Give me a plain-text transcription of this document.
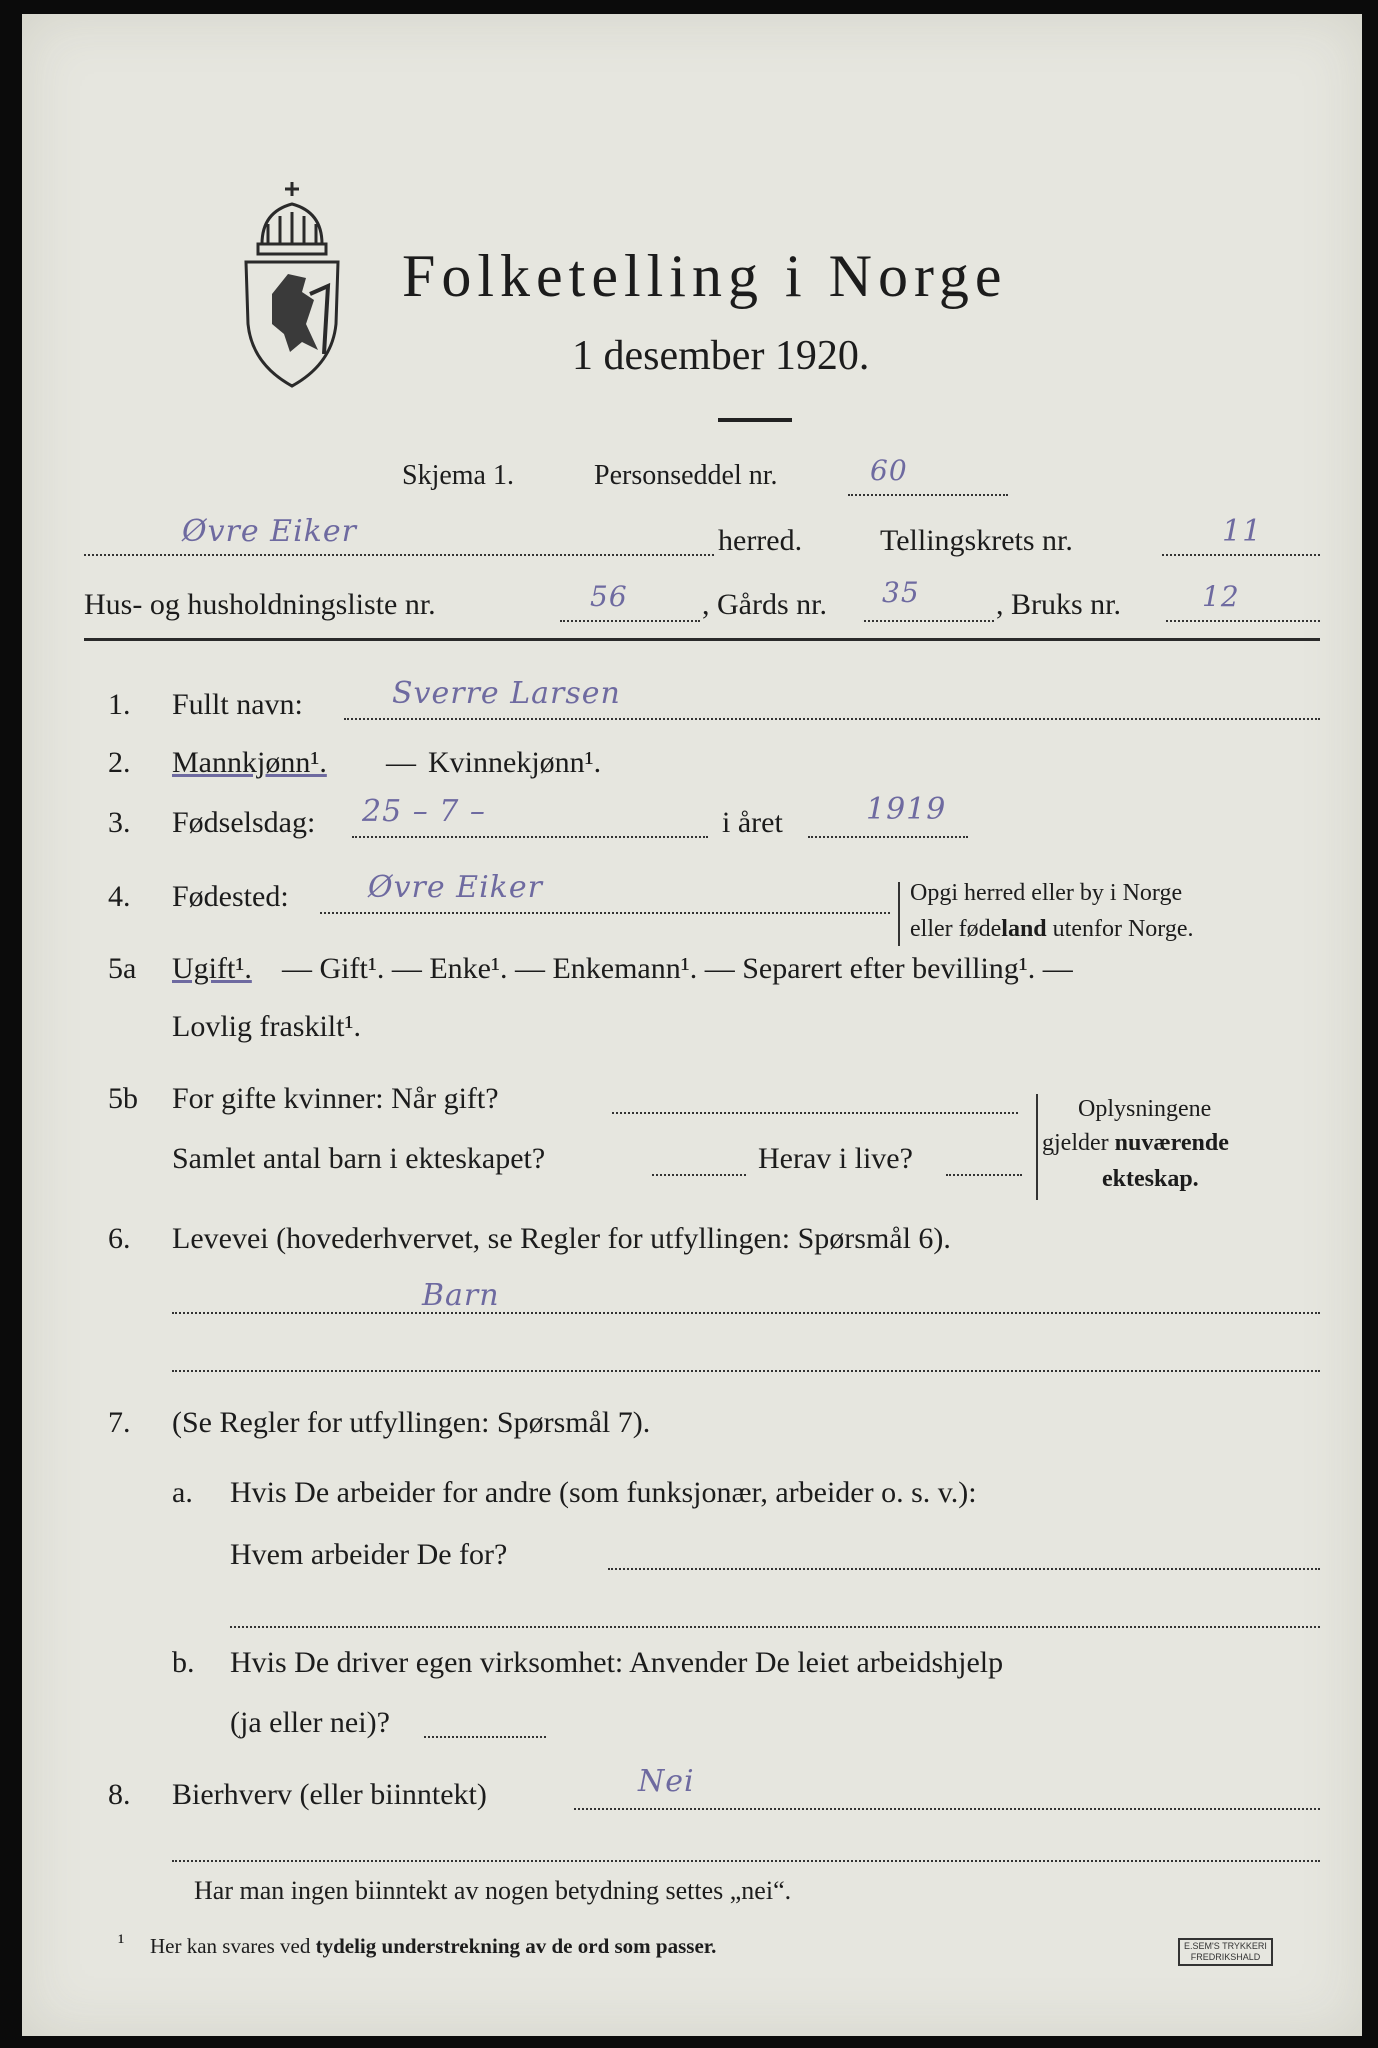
Folketelling i Norge
1 desember 1920.
Skjema 1.	Personseddel nr.	60
Øvre Eiker	herred.	Tellingskrets nr.	11
Hus- og husholdningsliste nr.	56 , Gårds nr. 35	, Bruks nr.	12
1. Fullt navn:	Sverre Larsen
2. Mannkjønn¹. — Kvinnekjønn¹.
3. Fødselsdag: 25 – 7 –	i året	1919
4. Fødested:	Øvre Eiker	Opgi herred eller by i Norge
eller fødeland utenfor Norge.
5a Ugift¹. — Gift¹. — Enke¹. — Enkemann¹. — Separert efter bevilling¹. —
Lovlig fraskilt¹.
5b For gifte kvinner: Når gift?
Samlet antal barn i ekteskapet?	Herav i live?
Oplysningene
gjelder nuværende
ekteskap.
6. Levevei (hovederhvervet, se Regler for utfyllingen: Spørsmål 6).
Barn
7. (Se Regler for utfyllingen: Spørsmål 7).
a. Hvis De arbeider for andre (som funksjonær, arbeider o. s. v.):
Hvem arbeider De for?
b. Hvis De driver egen virksomhet: Anvender De leiet arbeidshjelp
(ja eller nei)?
8. Bierhverv (eller biinntekt)	Nei
Har man ingen biinntekt av nogen betydning settes „nei“.
¹ Her kan svares ved tydelig understrekning av de ord som passer.	E.SEM'S TRYKKERI
FREDRIKSHALD
